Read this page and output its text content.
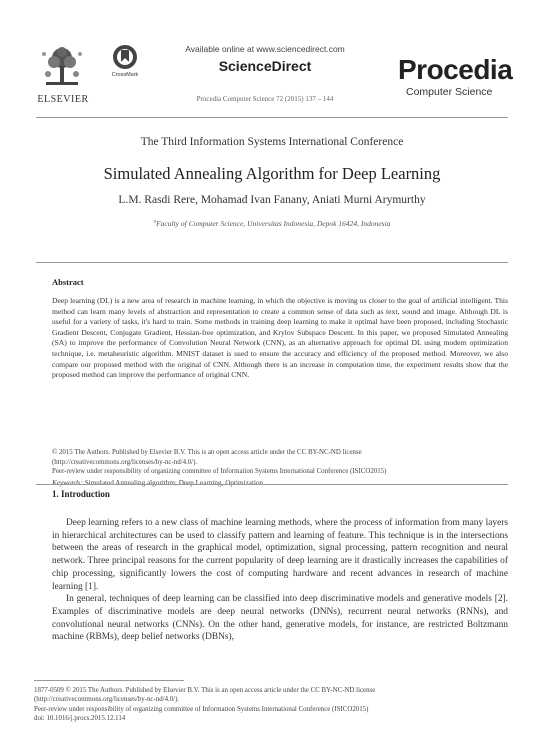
ELSEVIER
CrossMark
Available online at www.sciencedirect.com
ScienceDirect
Procedia Computer Science 72 (2015) 137 – 144
Procedia
Computer Science
The Third Information Systems International Conference
Simulated Annealing Algorithm for Deep Learning
L.M. Rasdi Rere, Mohamad Ivan Fanany, Aniati Murni Arymurthy
$^a$Faculty of Computer Science, Universitas Indonesia, Depok 16424, Indonesia
Abstract
Deep learning (DL) is a new area of research in machine learning, in which the objective is moving us closer to the goal of artificial intelligent. This method can learn many levels of abstraction and representation to create a common sense of data such as text, sound and image. Although DL is useful for a variety of tasks, it's hard to train. Some methods in training deep learning to make it optimal have been proposed, including Stochastic Gradient Descent, Conjugate Gradient, Hessian-free optimization, and Krylov Subspace Descent. In this paper, we proposed Simulated Annealing (SA) to improve the performance of Convolution Neural Network (CNN), as an alternative approach for optimal DL using modern optimization technique, i.e. metaheuristic algorithm. MNIST dataset is used to ensure the accuracy and efficiency of the proposed method. Moreover, we also compare our proposed method with the original of CNN. Although there is an increase in computation time, the experiment results show that the proposed method can improve the performance of original CNN.
© 2015 The Authors. Published by Elsevier B.V. This is an open access article under the CC BY-NC-ND license
(http://creativecommons.org/licenses/by-nc-nd/4.0/).
Peer-review under responsibility of organizing committee of Information Systems International Conference (ISICO2015)
Keywords: Simulated Annealing algorithm; Deep Learning, Optimization
1. Introduction

Deep learning refers to a new class of machine learning methods, where the process of information from many layers in hierarchical architectures can be used to classify pattern and learning of feature. This technique is in the intersections between the areas of research in the graphical model, optimization, signal processing, pattern recognition and neural network. Three principal reasons for the current popularity of deep learning are it drastically increases the capabilities of chip processing, significantly lowers the cost of computing hardware and recent advances in research of machine learning [1].

In general, techniques of deep learning can be classified into deep discriminative models and generative models [2]. Examples of discriminative models are deep neural networks (DNNs), recurrent neural networks (RNNs), and convolutional neural networks (CNNs). On the other hand, generative models, for instance, are restricted Boltzmann machine (RBMs), deep belief networks (DBNs),

1877-0509 © 2015 The Authors. Published by Elsevier B.V. This is an open access article under the CC BY-NC-ND license
(http://creativecommons.org/licenses/by-nc-nd/4.0/).
Peer-review under responsibility of organizing committee of Information Systems International Conference (ISICO2015)
doi: 10.1016/j.procs.2015.12.114
